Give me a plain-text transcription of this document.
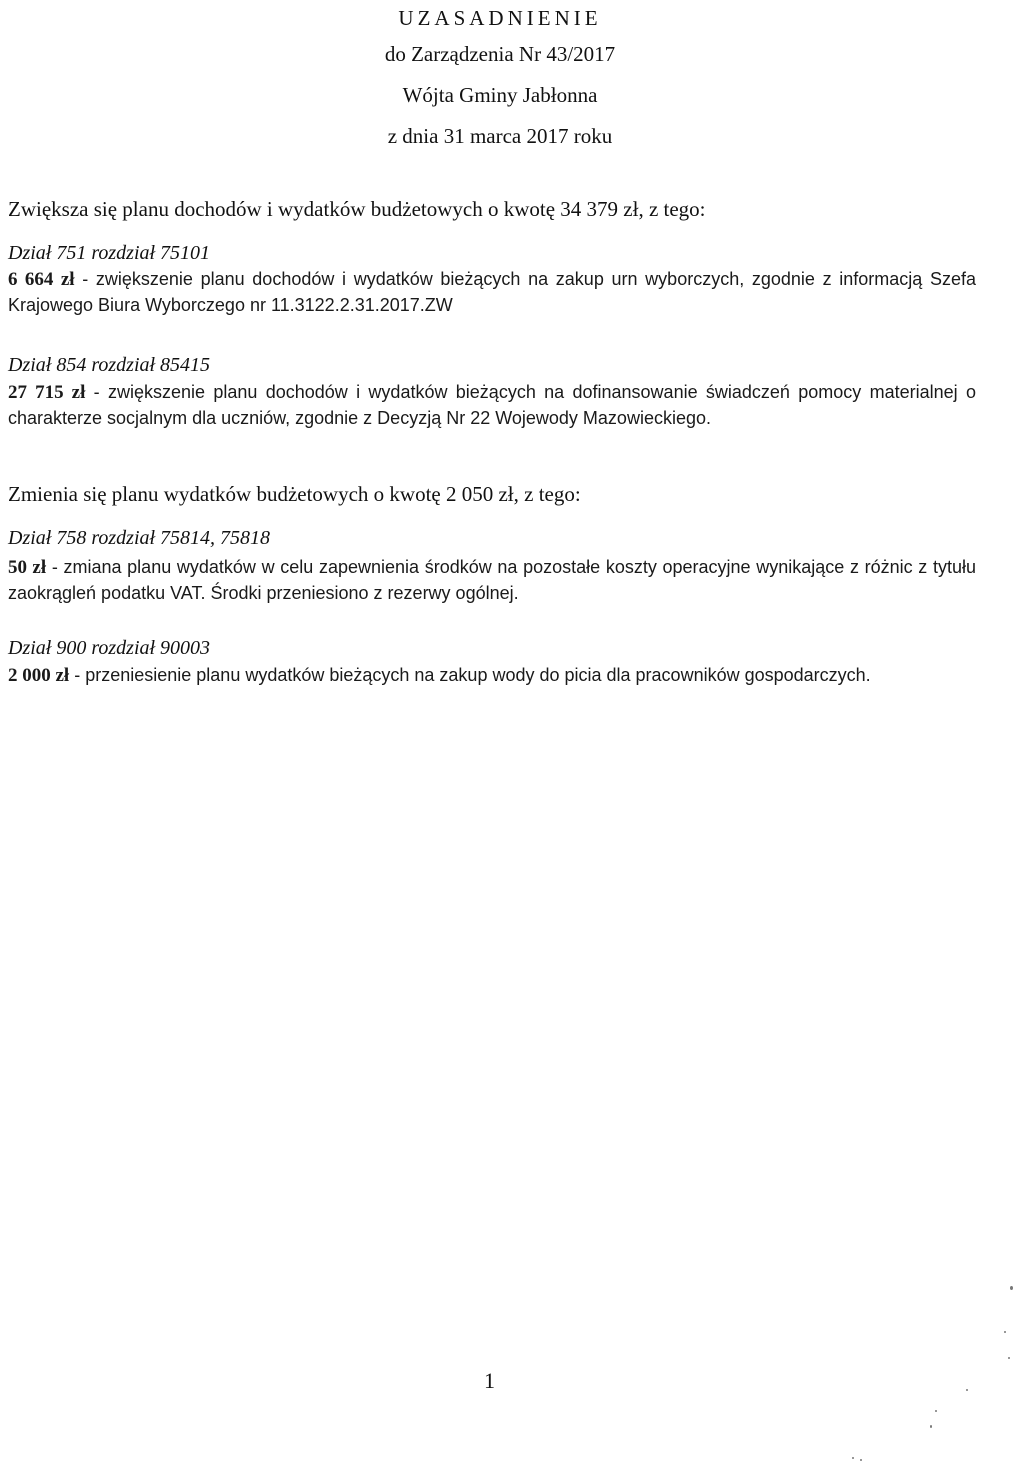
UZASADNIENIE
do Zarządzenia Nr 43/2017
Wójta Gminy Jabłonna
z dnia 31 marca 2017 roku
Zwiększa się planu dochodów i wydatków budżetowych o kwotę 34 379 zł, z tego:
Dział 751 rozdział 75101
6 664 zł - zwiększenie planu dochodów i wydatków bieżących na zakup urn wyborczych, zgodnie z informacją Szefa Krajowego Biura Wyborczego nr 11.3122.2.31.2017.ZW
Dział 854 rozdział 85415
27 715 zł - zwiększenie planu dochodów i wydatków bieżących na dofinansowanie świadczeń pomocy materialnej o charakterze socjalnym dla uczniów, zgodnie z Decyzją Nr 22 Wojewody Mazowieckiego.
Zmienia się planu wydatków budżetowych o kwotę 2 050 zł, z tego:
Dział 758 rozdział 75814, 75818
50 zł - zmiana planu wydatków w celu zapewnienia środków na pozostałe koszty operacyjne wynikające z różnic z tytułu zaokrągleń podatku VAT. Środki przeniesiono z rezerwy ogólnej.
Dział 900 rozdział 90003
2 000 zł - przeniesienie planu wydatków bieżących na zakup wody do picia dla pracowników gospodarczych.
1
